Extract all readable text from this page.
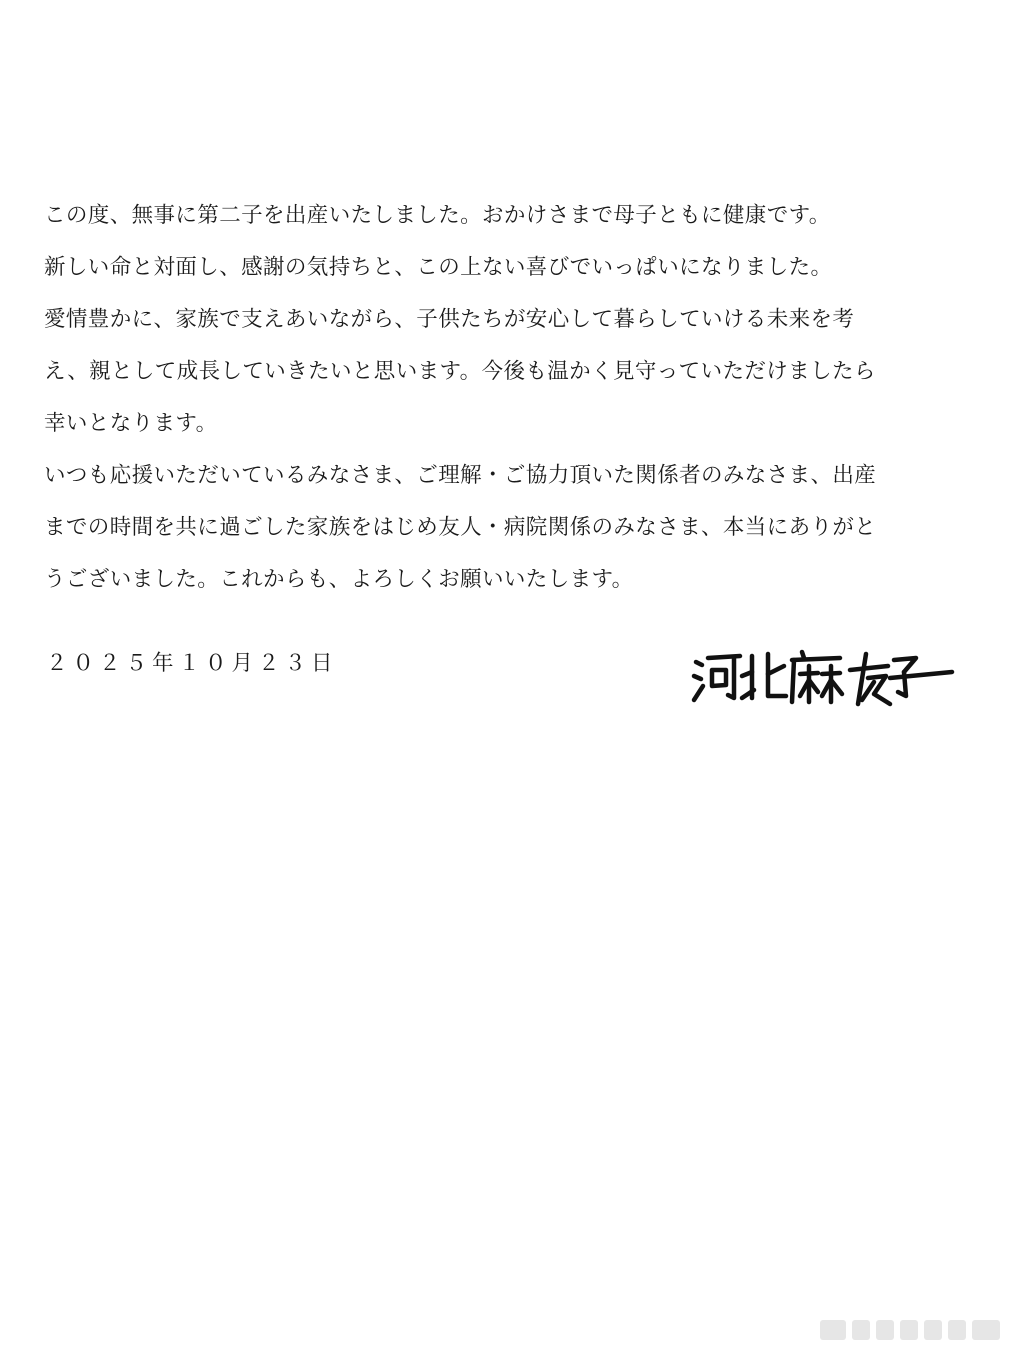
この度、無事に第二子を出産いたしました。おかけさまで母子ともに健康です。
新しい命と対面し、感謝の気持ちと、この上ない喜びでいっぱいになりました。
愛情豊かに、家族で支えあいながら、子供たちが安心して暮らしていける未来を考
え、親として成長していきたいと思います。今後も温かく見守っていただけましたら
幸いとなります。
いつも応援いただいているみなさま、ご理解・ご協力頂いた関係者のみなさま、出産
までの時間を共に過ごした家族をはじめ友人・病院関係のみなさま、本当にありがと
うございました。これからも、よろしくお願いいたします。
２０２５年１０月２３日
